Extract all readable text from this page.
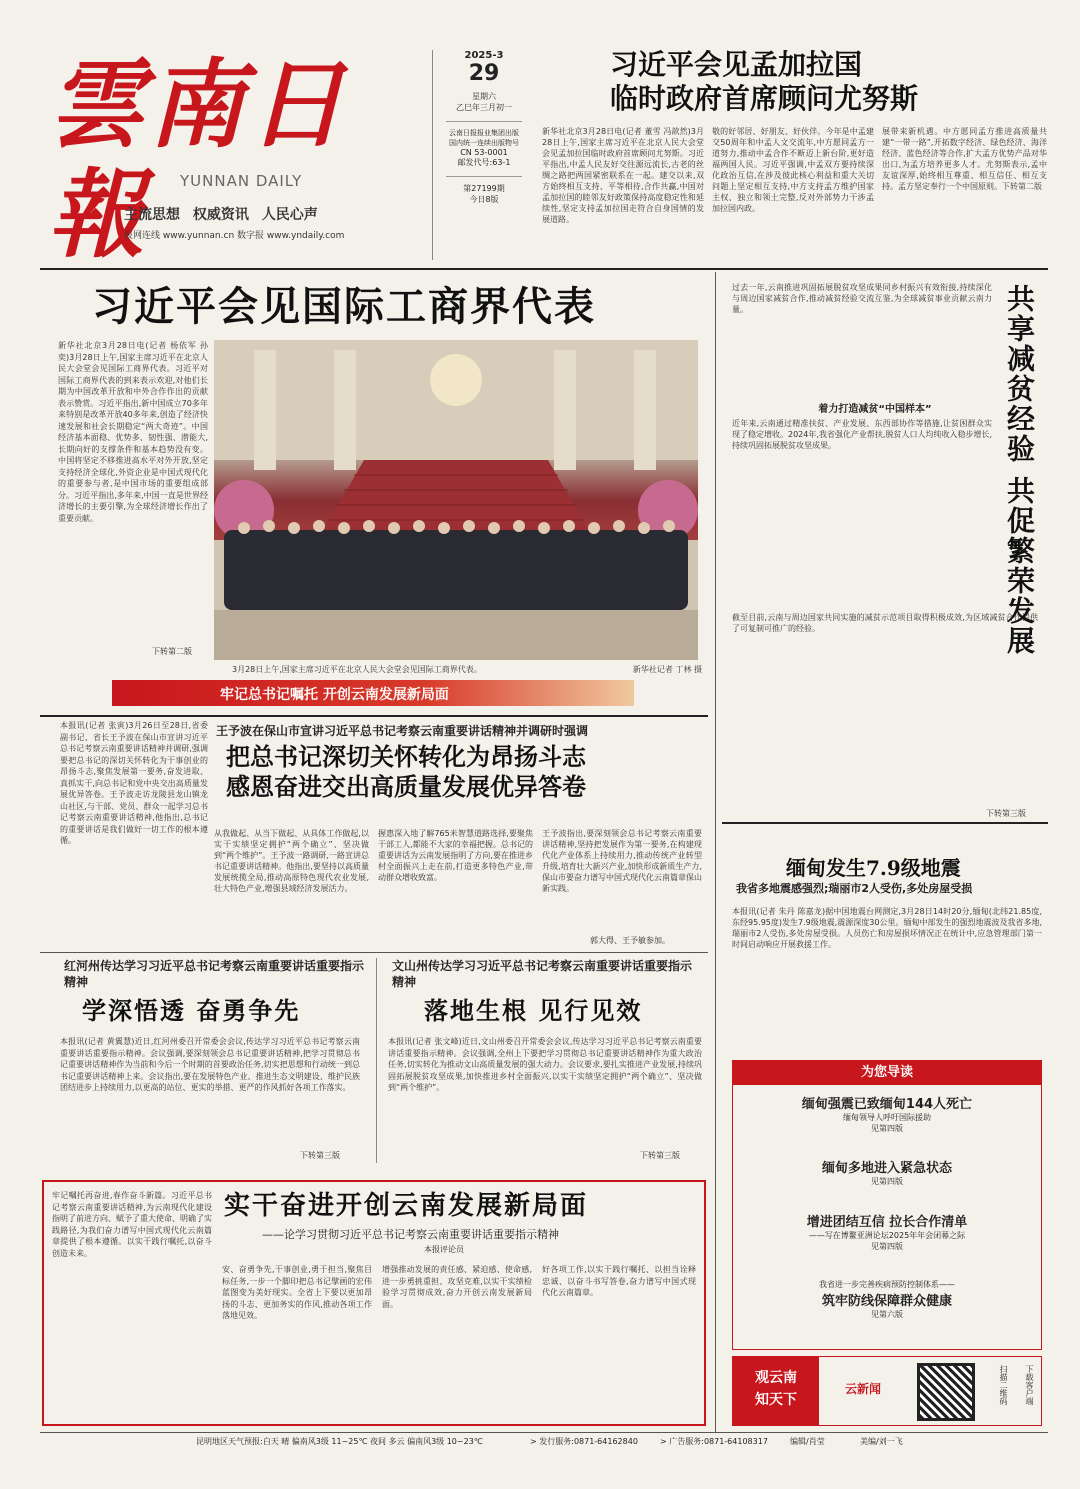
雲南日報	YUNNAN DAILY
主流思想 权威资讯 人民心声
报网连线 www.yunnan.cn 数字报 www.yndaily.com
2025-3
29
星期六
乙巳年三月初一
云南日报报业集团出版
国内统一连续出版物号
CN 53-0001
邮发代号:63-1
第27199期
今日8版
习近平会见孟加拉国
临时政府首席顾问尤努斯
新华社北京3月28日电(记者 董雪 冯歆然)3月28日上午,国家主席习近平在北京人民大会堂会见孟加拉国临时政府首席顾问尤努斯。习近平指出,中孟人民友好交往源远流长,古老的丝绸之路把两国紧密联系在一起。建交以来,双方始终相互支持、平等相待,合作共赢,中国对孟加拉国的睦邻友好政策保持高度稳定性和延续性,坚定支持孟加拉国走符合自身国情的发展道路。
敬的好邻居、好朋友、好伙伴。今年是中孟建交50周年和中孟人文交流年,中方愿同孟方一道努力,推动中孟合作不断迈上新台阶,更好造福两国人民。习近平强调,中孟双方要持续深化政治互信,在涉及彼此核心利益和重大关切问题上坚定相互支持,中方支持孟方维护国家主权、独立和领土完整,反对外部势力干涉孟加拉国内政。
展带来新机遇。中方愿同孟方推进高质量共建“一带一路”,开拓数字经济、绿色经济、海洋经济、蓝色经济等合作,扩大孟方优势产品对华出口,为孟方培养更多人才。尤努斯表示,孟中友谊深厚,始终相互尊重、相互信任、相互支持。孟方坚定奉行一个中国原则。下转第二版
习近平会见国际工商界代表
新华社北京3月28日电(记者 杨依军 孙奕)3月28日上午,国家主席习近平在北京人民大会堂会见国际工商界代表。习近平对国际工商界代表的到来表示欢迎,对他们长期为中国改革开放和中外合作作出的贡献表示赞赏。习近平指出,新中国成立70多年来特别是改革开放40多年来,创造了经济快速发展和社会长期稳定“两大奇迹”。中国经济基本面稳、优势多、韧性强、潜能大,长期向好的支撑条件和基本趋势没有变。中国将坚定不移推进高水平对外开放,坚定支持经济全球化,外资企业是中国式现代化的重要参与者,是中国市场的重要组成部分。习近平指出,多年来,中国一直是世界经济增长的主要引擎,为全球经济增长作出了重要贡献。
下转第二版
3月28日上午,国家主席习近平在北京人民大会堂会见国际工商界代表。	新华社记者 丁林 摄
牢记总书记嘱托 开创云南发展新局面
本报讯(记者 张寅)3月26日至28日,省委副书记、省长王予波在保山市宣讲习近平总书记考察云南重要讲话精神并调研,强调要把总书记的深切关怀转化为干事创业的昂扬斗志,聚焦发展第一要务,奋发进取、真抓实干,向总书记和党中央交出高质量发展优异答卷。王予波走访龙陵县龙山镇龙山社区,与干部、党员、群众一起学习总书记考察云南重要讲话精神,他指出,总书记的重要讲话是我们做好一切工作的根本遵循。
王予波在保山市宣讲习近平总书记考察云南重要讲话精神并调研时强调
把总书记深切关怀转化为昂扬斗志
感恩奋进交出高质量发展优异答卷
从我做起、从当下做起、从具体工作做起,以实干实绩坚定拥护“两个确立”、坚决做到“两个维护”。王予波一路调研,一路宣讲总书记重要讲话精神。他指出,要坚持以高质量发展统揽全局,推动高原特色现代农业发展,壮大特色产业,增强县域经济发展活力。
握惠深入地了解765米智慧道路选择,要聚焦干部工人,都能不大家的幸福把握。总书记的重要讲话为云南发展指明了方向,要在推进乡村全面振兴上走在前,打造更多特色产业,带动群众增收致富。
王予波指出,要深刻领会总书记考察云南重要讲话精神,坚持把发展作为第一要务,在构建现代化产业体系上持续用力,推动传统产业转型升级,培育壮大新兴产业,加快形成新质生产力,保山市要奋力谱写中国式现代化云南篇章保山新实践。
郭大得、王予敏参加。
红河州传达学习习近平总书记考察云南重要讲话重要指示精神
学深悟透 奋勇争先
本报讯(记者 黄翼慧)近日,红河州委召开常委会会议,传达学习习近平总书记考察云南重要讲话重要指示精神。会议强调,要深刻领会总书记重要讲话精神,把学习贯彻总书记重要讲话精神作为当前和今后一个时期的首要政治任务,切实把思想和行动统一到总书记重要讲话精神上来。会议指出,要在发展特色产业、推进生态文明建设、维护民族团结进步上持续用力,以更高的站位、更实的举措、更严的作风抓好各项工作落实。
下转第三版
文山州传达学习习近平总书记考察云南重要讲话重要指示精神
落地生根 见行见效
本报讯(记者 张文峰)近日,文山州委召开常委会会议,传达学习习近平总书记考察云南重要讲话重要指示精神。会议强调,全州上下要把学习贯彻总书记重要讲话精神作为重大政治任务,切实转化为推动文山高质量发展的强大动力。会议要求,要扎实推进产业发展,持续巩固拓展脱贫攻坚成果,加快推进乡村全面振兴,以实干实绩坚定拥护“两个确立”、坚决做到“两个维护”。
下转第三版
牢记嘱托再奋进,春作奋斗新篇。习近平总书记考察云南重要讲话精神,为云南现代化建设指明了前进方向、赋予了重大使命、明确了实践路径,为我们奋力谱写中国式现代化云南篇章提供了根本遵循。以实干践行嘱托,以奋斗创造未来。
实干奋进开创云南发展新局面
——论学习贯彻习近平总书记考察云南重要讲话重要指示精神
本报评论员
安、奋勇争先,干事创业,勇于担当,聚焦目标任务,一步一个脚印把总书记擘画的宏伟蓝图变为美好现实。全省上下要以更加昂扬的斗志、更加务实的作风,推动各项工作落地见效。
增强推动发展的责任感、紧迫感、使命感,进一步勇挑重担、攻坚克难,以实干实绩检验学习贯彻成效,奋力开创云南发展新局面。
好各项工作,以实干践行嘱托、以担当诠释忠诚、以奋斗书写答卷,奋力谱写中国式现代化云南篇章。
过去一年,云南推进巩固拓展脱贫攻坚成果同乡村振兴有效衔接,持续深化与周边国家减贫合作,推动减贫经验交流互鉴,为全球减贫事业贡献云南力量。
着力打造减贫“中国样本”
近年来,云南通过精准扶贫、产业发展、东西部协作等措施,让贫困群众实现了稳定增收。2024年,我省强化产业帮扶,脱贫人口人均纯收入稳步增长,持续巩固拓展脱贫攻坚成果。
截至目前,云南与周边国家共同实施的减贫示范项目取得积极成效,为区域减贫合作提供了可复制可推广的经验。
下转第三版
共享减贫经验 共促繁荣发展
缅甸发生7.9级地震
我省多地震感强烈;瑞丽市2人受伤,多处房屋受损
本报讯(记者 朱丹 陈嘉龙)据中国地震台网测定,3月28日14时20分,缅甸(北纬21.85度,东经95.95度)发生7.9级地震,震源深度30公里。缅甸中部发生的强烈地震波及我省多地,瑞丽市2人受伤,多处房屋受损。人员伤亡和房屋损坏情况正在统计中,应急管理部门第一时间启动响应开展救援工作。
为您导读
缅甸强震已致缅甸144人死亡
缅甸领导人呼吁国际援助
见第四版
缅甸多地进入紧急状态
见第四版
增进团结互信 拉长合作清单
——写在博鳌亚洲论坛2025年年会闭幕之际
见第四版
我省进一步完善疾病预防控制体系——
筑牢防线保障群众健康
见第六版
观云南
知天下
云新闻	扫描二维码	下载客户端
昆明地区天气预报:白天 晴 偏南风3级 11~25℃ 夜间 多云 偏南风3级 10~23℃	> 发行服务:0871-64162840	> 广告服务:0871-64108317	编辑/肖莹	美编/刘一飞
